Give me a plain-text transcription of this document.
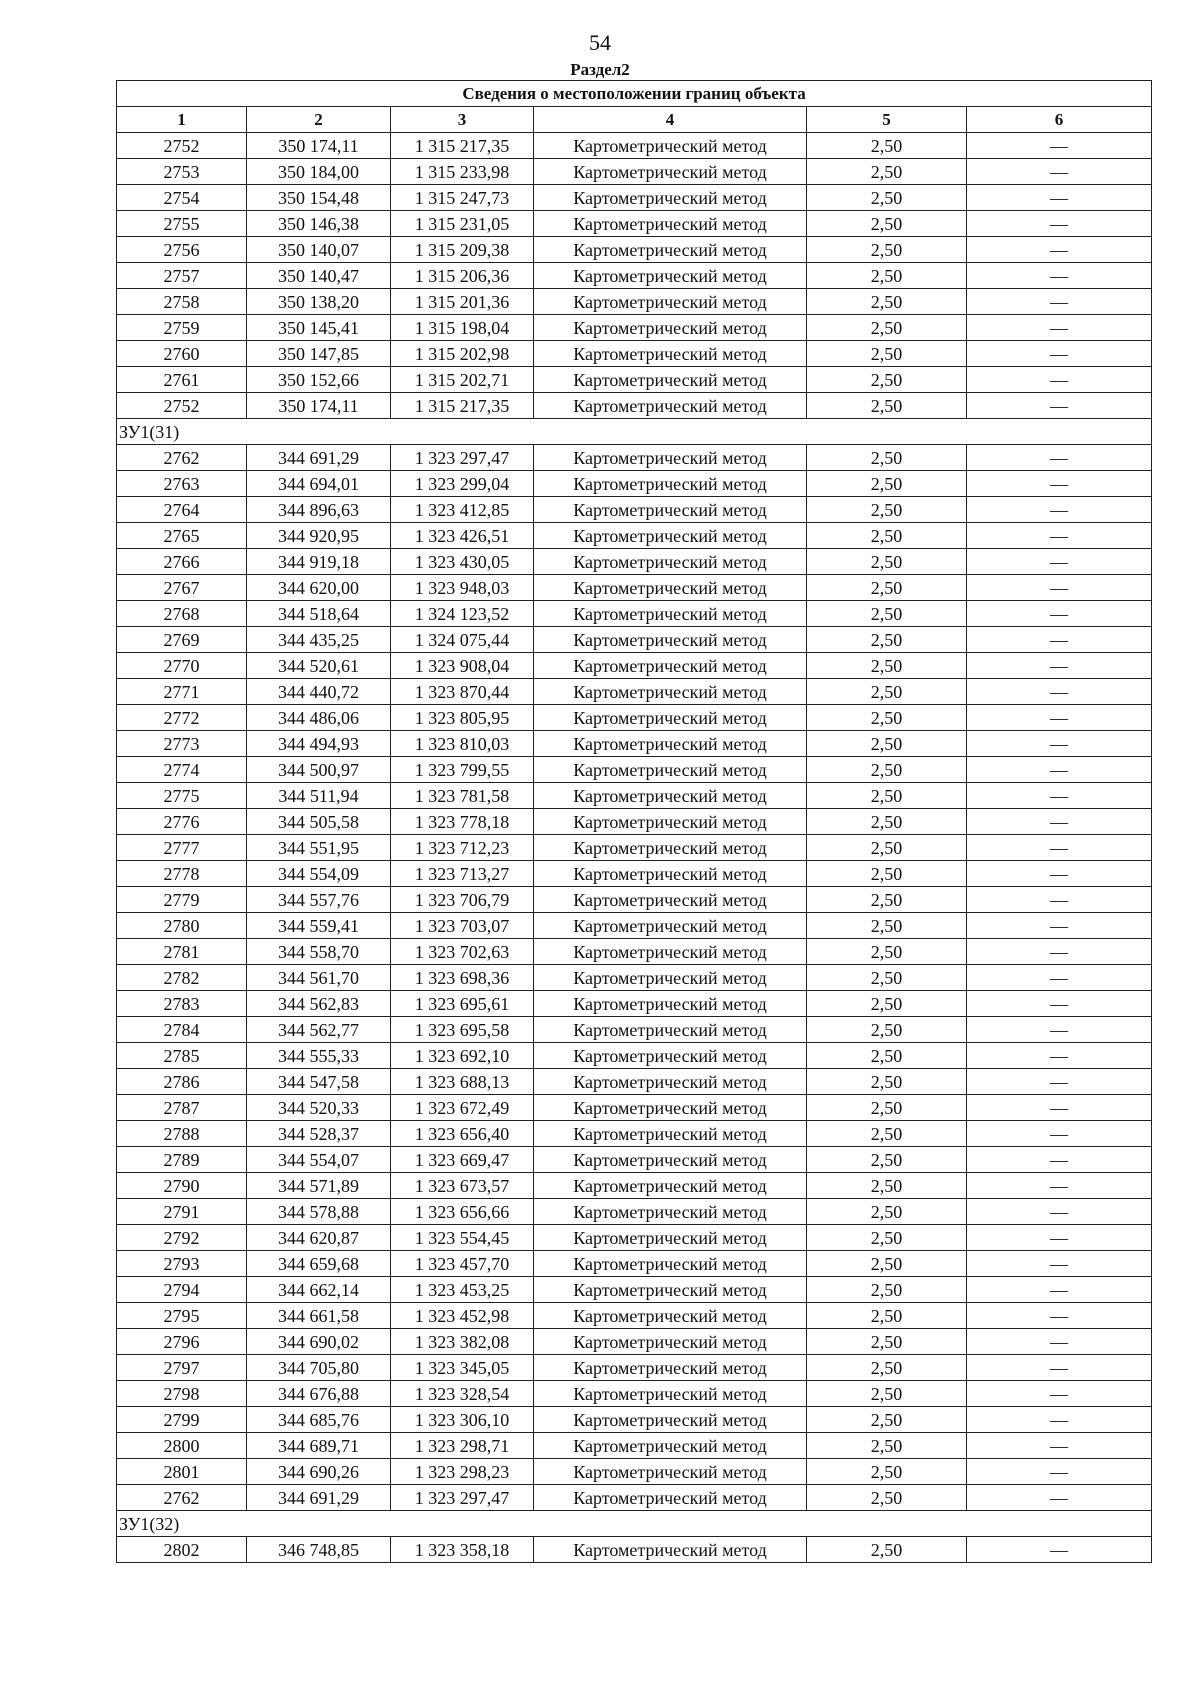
54
Раздел2
Сведения о местоположении границ объекта					
1	2	3	4	5	6
2752	350 174,11	1 315 217,35	Картометрический метод	2,50	—
2753	350 184,00	1 315 233,98	Картометрический метод	2,50	—
2754	350 154,48	1 315 247,73	Картометрический метод	2,50	—
2755	350 146,38	1 315 231,05	Картометрический метод	2,50	—
2756	350 140,07	1 315 209,38	Картометрический метод	2,50	—
2757	350 140,47	1 315 206,36	Картометрический метод	2,50	—
2758	350 138,20	1 315 201,36	Картометрический метод	2,50	—
2759	350 145,41	1 315 198,04	Картометрический метод	2,50	—
2760	350 147,85	1 315 202,98	Картометрический метод	2,50	—
2761	350 152,66	1 315 202,71	Картометрический метод	2,50	—
2752	350 174,11	1 315 217,35	Картометрический метод	2,50	—
ЗУ1(31)					
2762	344 691,29	1 323 297,47	Картометрический метод	2,50	—
2763	344 694,01	1 323 299,04	Картометрический метод	2,50	—
2764	344 896,63	1 323 412,85	Картометрический метод	2,50	—
2765	344 920,95	1 323 426,51	Картометрический метод	2,50	—
2766	344 919,18	1 323 430,05	Картометрический метод	2,50	—
2767	344 620,00	1 323 948,03	Картометрический метод	2,50	—
2768	344 518,64	1 324 123,52	Картометрический метод	2,50	—
2769	344 435,25	1 324 075,44	Картометрический метод	2,50	—
2770	344 520,61	1 323 908,04	Картометрический метод	2,50	—
2771	344 440,72	1 323 870,44	Картометрический метод	2,50	—
2772	344 486,06	1 323 805,95	Картометрический метод	2,50	—
2773	344 494,93	1 323 810,03	Картометрический метод	2,50	—
2774	344 500,97	1 323 799,55	Картометрический метод	2,50	—
2775	344 511,94	1 323 781,58	Картометрический метод	2,50	—
2776	344 505,58	1 323 778,18	Картометрический метод	2,50	—
2777	344 551,95	1 323 712,23	Картометрический метод	2,50	—
2778	344 554,09	1 323 713,27	Картометрический метод	2,50	—
2779	344 557,76	1 323 706,79	Картометрический метод	2,50	—
2780	344 559,41	1 323 703,07	Картометрический метод	2,50	—
2781	344 558,70	1 323 702,63	Картометрический метод	2,50	—
2782	344 561,70	1 323 698,36	Картометрический метод	2,50	—
2783	344 562,83	1 323 695,61	Картометрический метод	2,50	—
2784	344 562,77	1 323 695,58	Картометрический метод	2,50	—
2785	344 555,33	1 323 692,10	Картометрический метод	2,50	—
2786	344 547,58	1 323 688,13	Картометрический метод	2,50	—
2787	344 520,33	1 323 672,49	Картометрический метод	2,50	—
2788	344 528,37	1 323 656,40	Картометрический метод	2,50	—
2789	344 554,07	1 323 669,47	Картометрический метод	2,50	—
2790	344 571,89	1 323 673,57	Картометрический метод	2,50	—
2791	344 578,88	1 323 656,66	Картометрический метод	2,50	—
2792	344 620,87	1 323 554,45	Картометрический метод	2,50	—
2793	344 659,68	1 323 457,70	Картометрический метод	2,50	—
2794	344 662,14	1 323 453,25	Картометрический метод	2,50	—
2795	344 661,58	1 323 452,98	Картометрический метод	2,50	—
2796	344 690,02	1 323 382,08	Картометрический метод	2,50	—
2797	344 705,80	1 323 345,05	Картометрический метод	2,50	—
2798	344 676,88	1 323 328,54	Картометрический метод	2,50	—
2799	344 685,76	1 323 306,10	Картометрический метод	2,50	—
2800	344 689,71	1 323 298,71	Картометрический метод	2,50	—
2801	344 690,26	1 323 298,23	Картометрический метод	2,50	—
2762	344 691,29	1 323 297,47	Картометрический метод	2,50	—
ЗУ1(32)					
2802	346 748,85	1 323 358,18	Картометрический метод	2,50	—
